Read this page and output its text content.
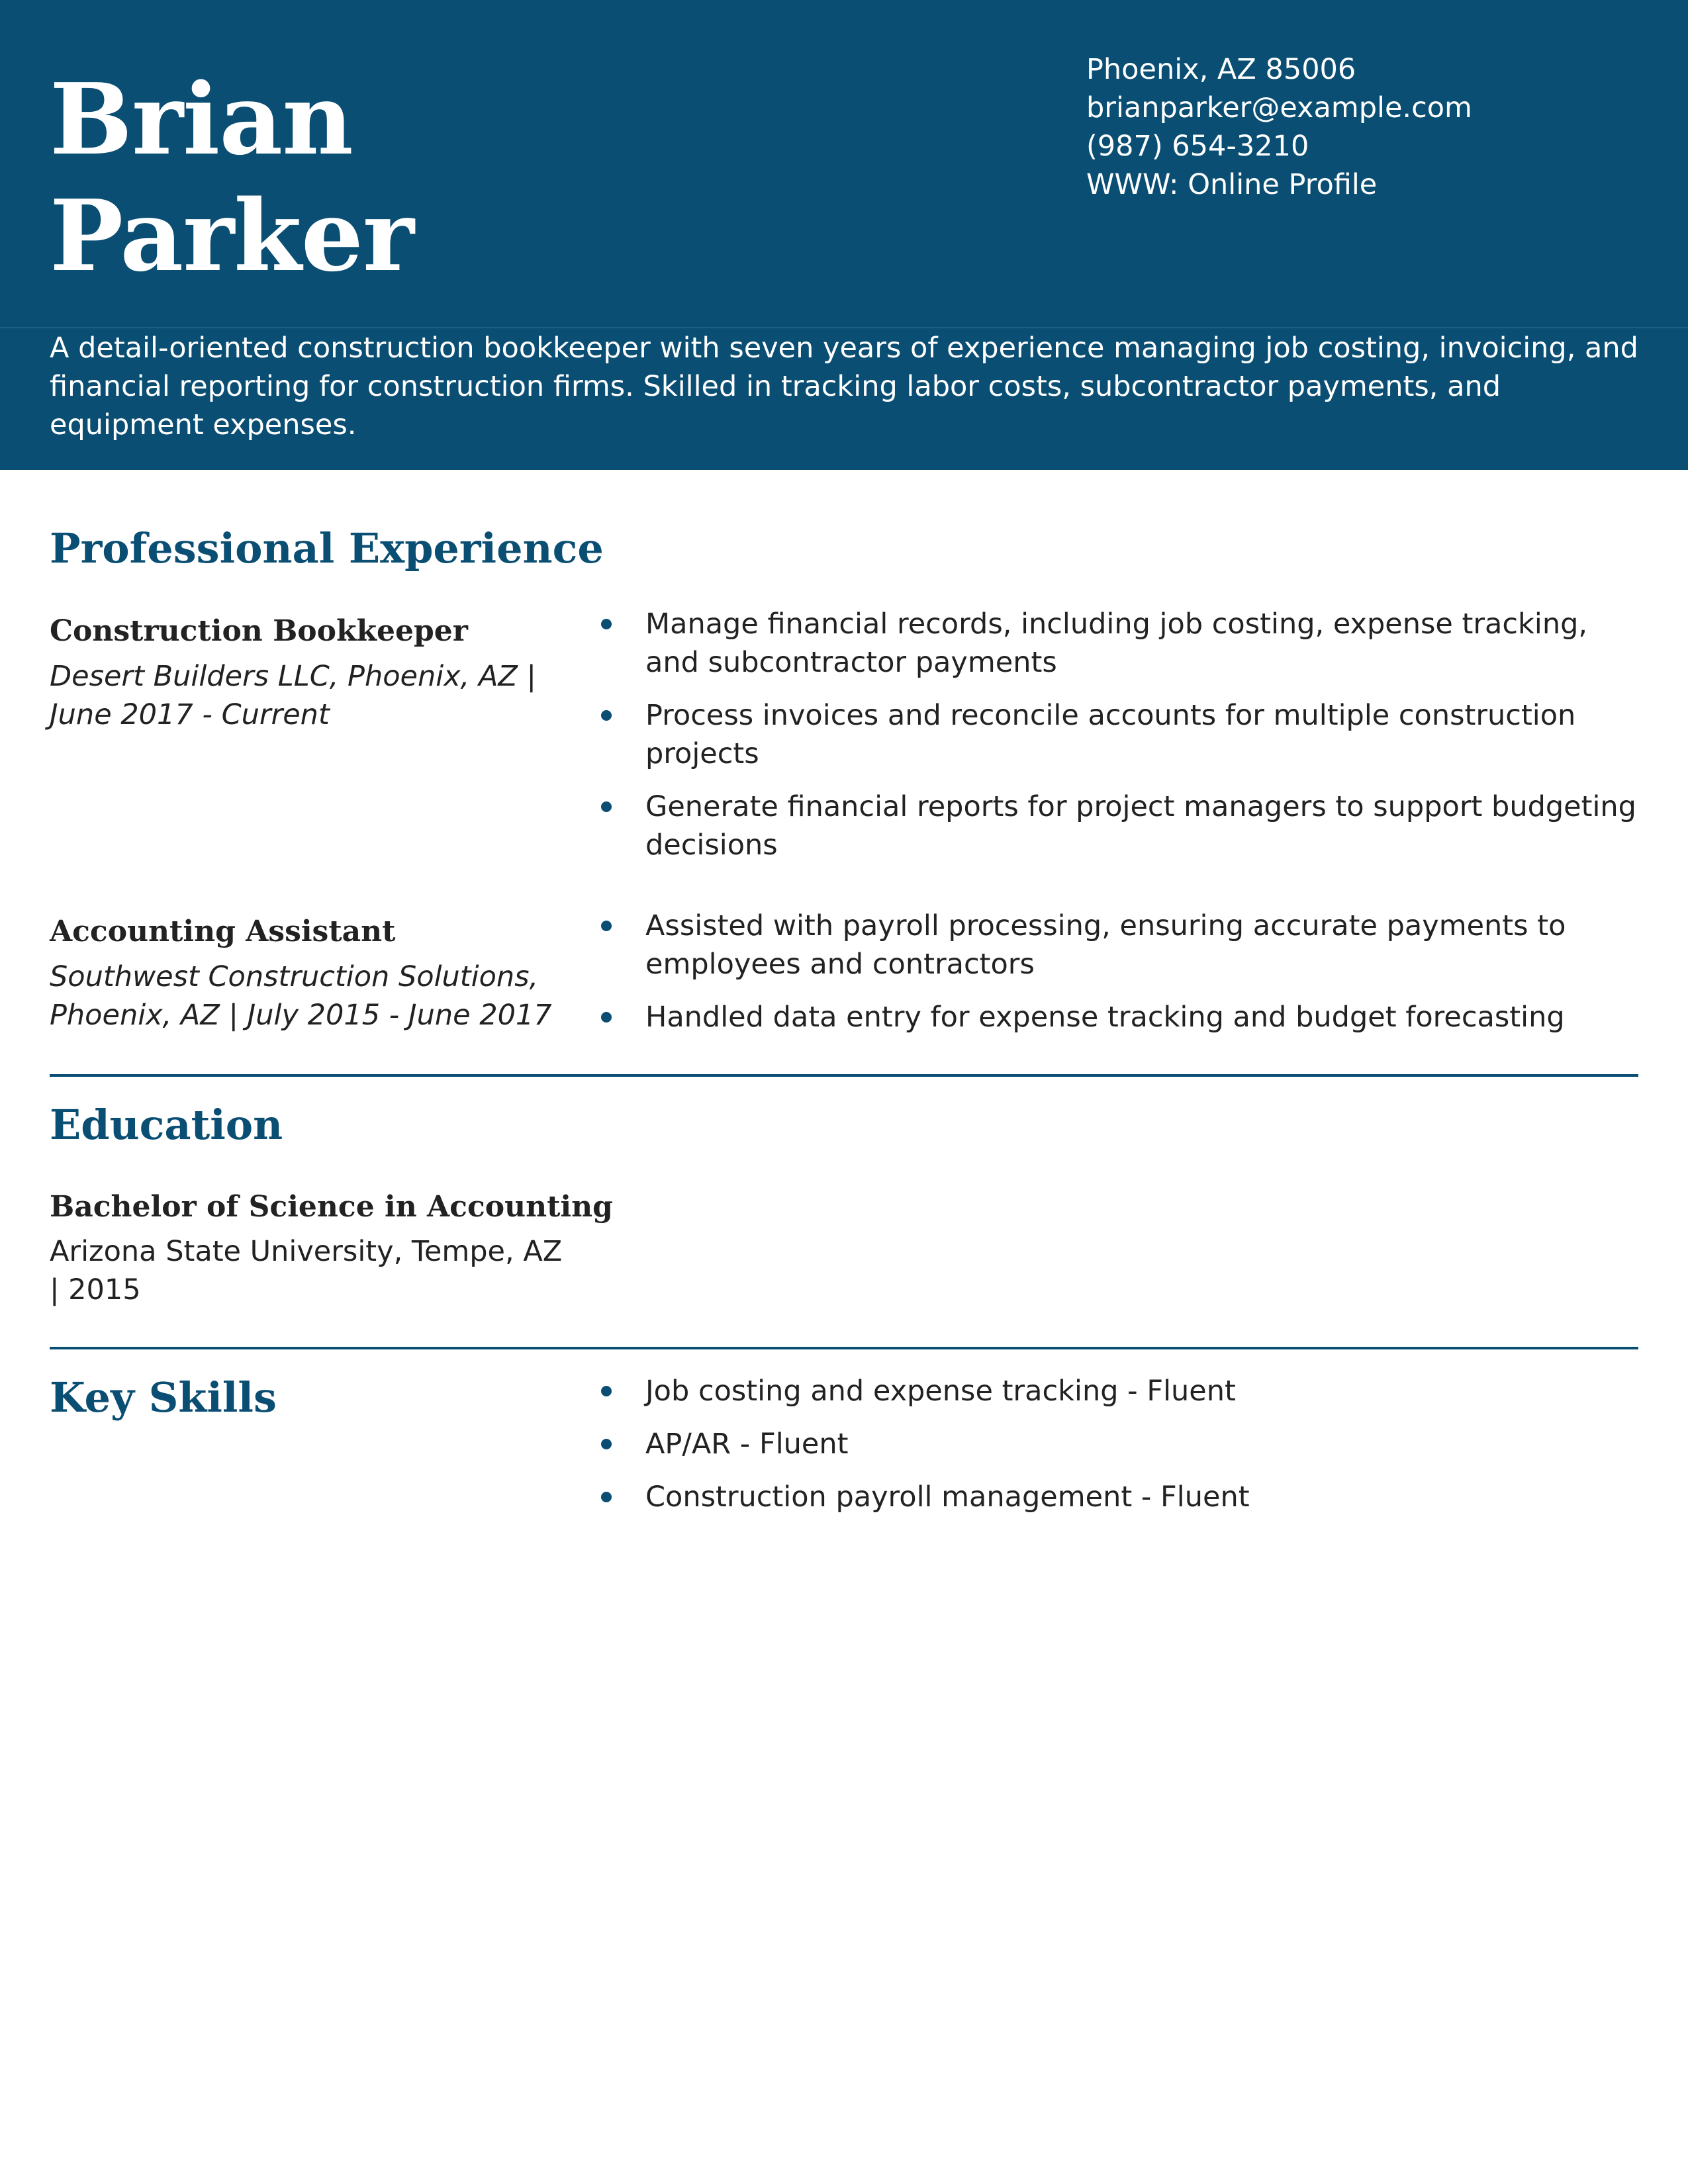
Brian
Parker
Phoenix, AZ 85006
brianparker@example.com
(987) 654-3210
WWW: Online Profile
A detail-oriented construction bookkeeper with seven years of experience managing job costing, invoicing, and financial reporting for construction firms. Skilled in tracking labor costs, subcontractor payments, and equipment expenses.
Professional Experience
Construction Bookkeeper
Desert Builders LLC, Phoenix, AZ | June 2017 - Current
Manage financial records, including job costing, expense tracking, and subcontractor payments
Process invoices and reconcile accounts for multiple construction projects
Generate financial reports for project managers to support budgeting decisions
Accounting Assistant
Southwest Construction Solutions, Phoenix, AZ | July 2015 - June 2017
Assisted with payroll processing, ensuring accurate payments to employees and contractors
Handled data entry for expense tracking and budget forecasting
Education
Bachelor of Science in Accounting
Arizona State University, Tempe, AZ | 2015
Key Skills	Job costing and expense tracking - Fluent
AP/AR - Fluent
Construction payroll management - Fluent
